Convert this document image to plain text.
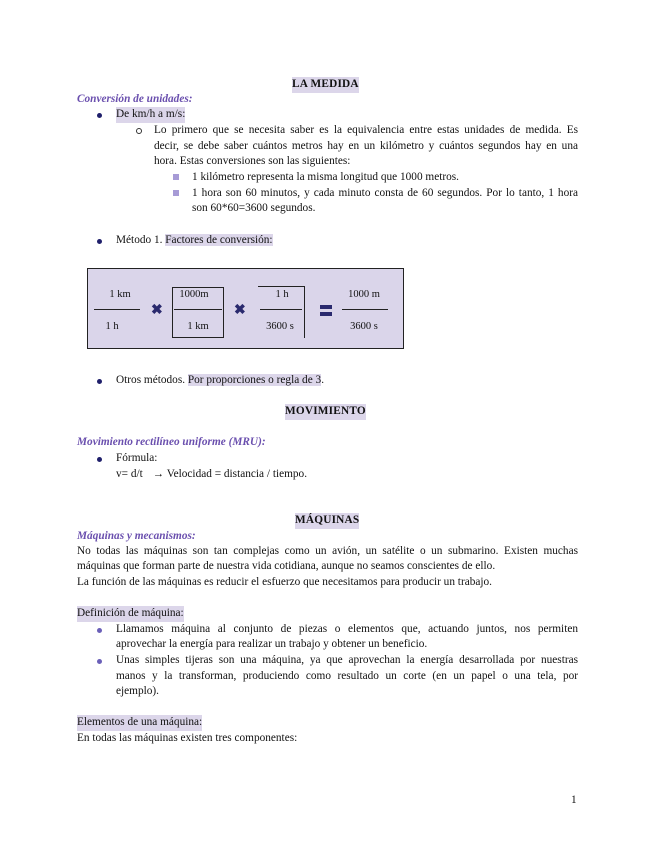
LA MEDIDA
Conversión de unidades:
De km/h a m/s:
Lo primero que se necesita saber es la equivalencia entre estas unidades de medida. Es
decir, se debe saber cuántos metros hay en un kilómetro y cuántos segundos hay en una
hora. Estas conversiones son las siguientes:
1 kilómetro representa la misma longitud que 1000 metros.
1 hora son 60 minutos, y cada minuto consta de 60 segundos. Por lo tanto, 1 hora
son 60*60=3600 segundos.
Método 1. Factores de conversión:
1 km
1 h
✖
1000m
1 km
✖
1 h
3600 s
1000 m
3600 s
Otros métodos. Por proporciones o regla de 3.
MOVIMIENTO
Movimiento rectilíneo uniforme (MRU):
Fórmula:
v= d/t → Velocidad = distancia / tiempo.
MÁQUINAS
Máquinas y mecanismos:
No todas las máquinas son tan complejas como un avión, un satélite o un submarino. Existen muchas
máquinas que forman parte de nuestra vida cotidiana, aunque no seamos conscientes de ello.
La función de las máquinas es reducir el esfuerzo que necesitamos para producir un trabajo.
Definición de máquina:
Llamamos máquina al conjunto de piezas o elementos que, actuando juntos, nos permiten
aprovechar la energía para realizar un trabajo y obtener un beneficio.
Unas simples tijeras son una máquina, ya que aprovechan la energía desarrollada por nuestras
manos y la transforman, produciendo como resultado un corte (en un papel o una tela, por
ejemplo).
Elementos de una máquina:
En todas las máquinas existen tres componentes:
1
